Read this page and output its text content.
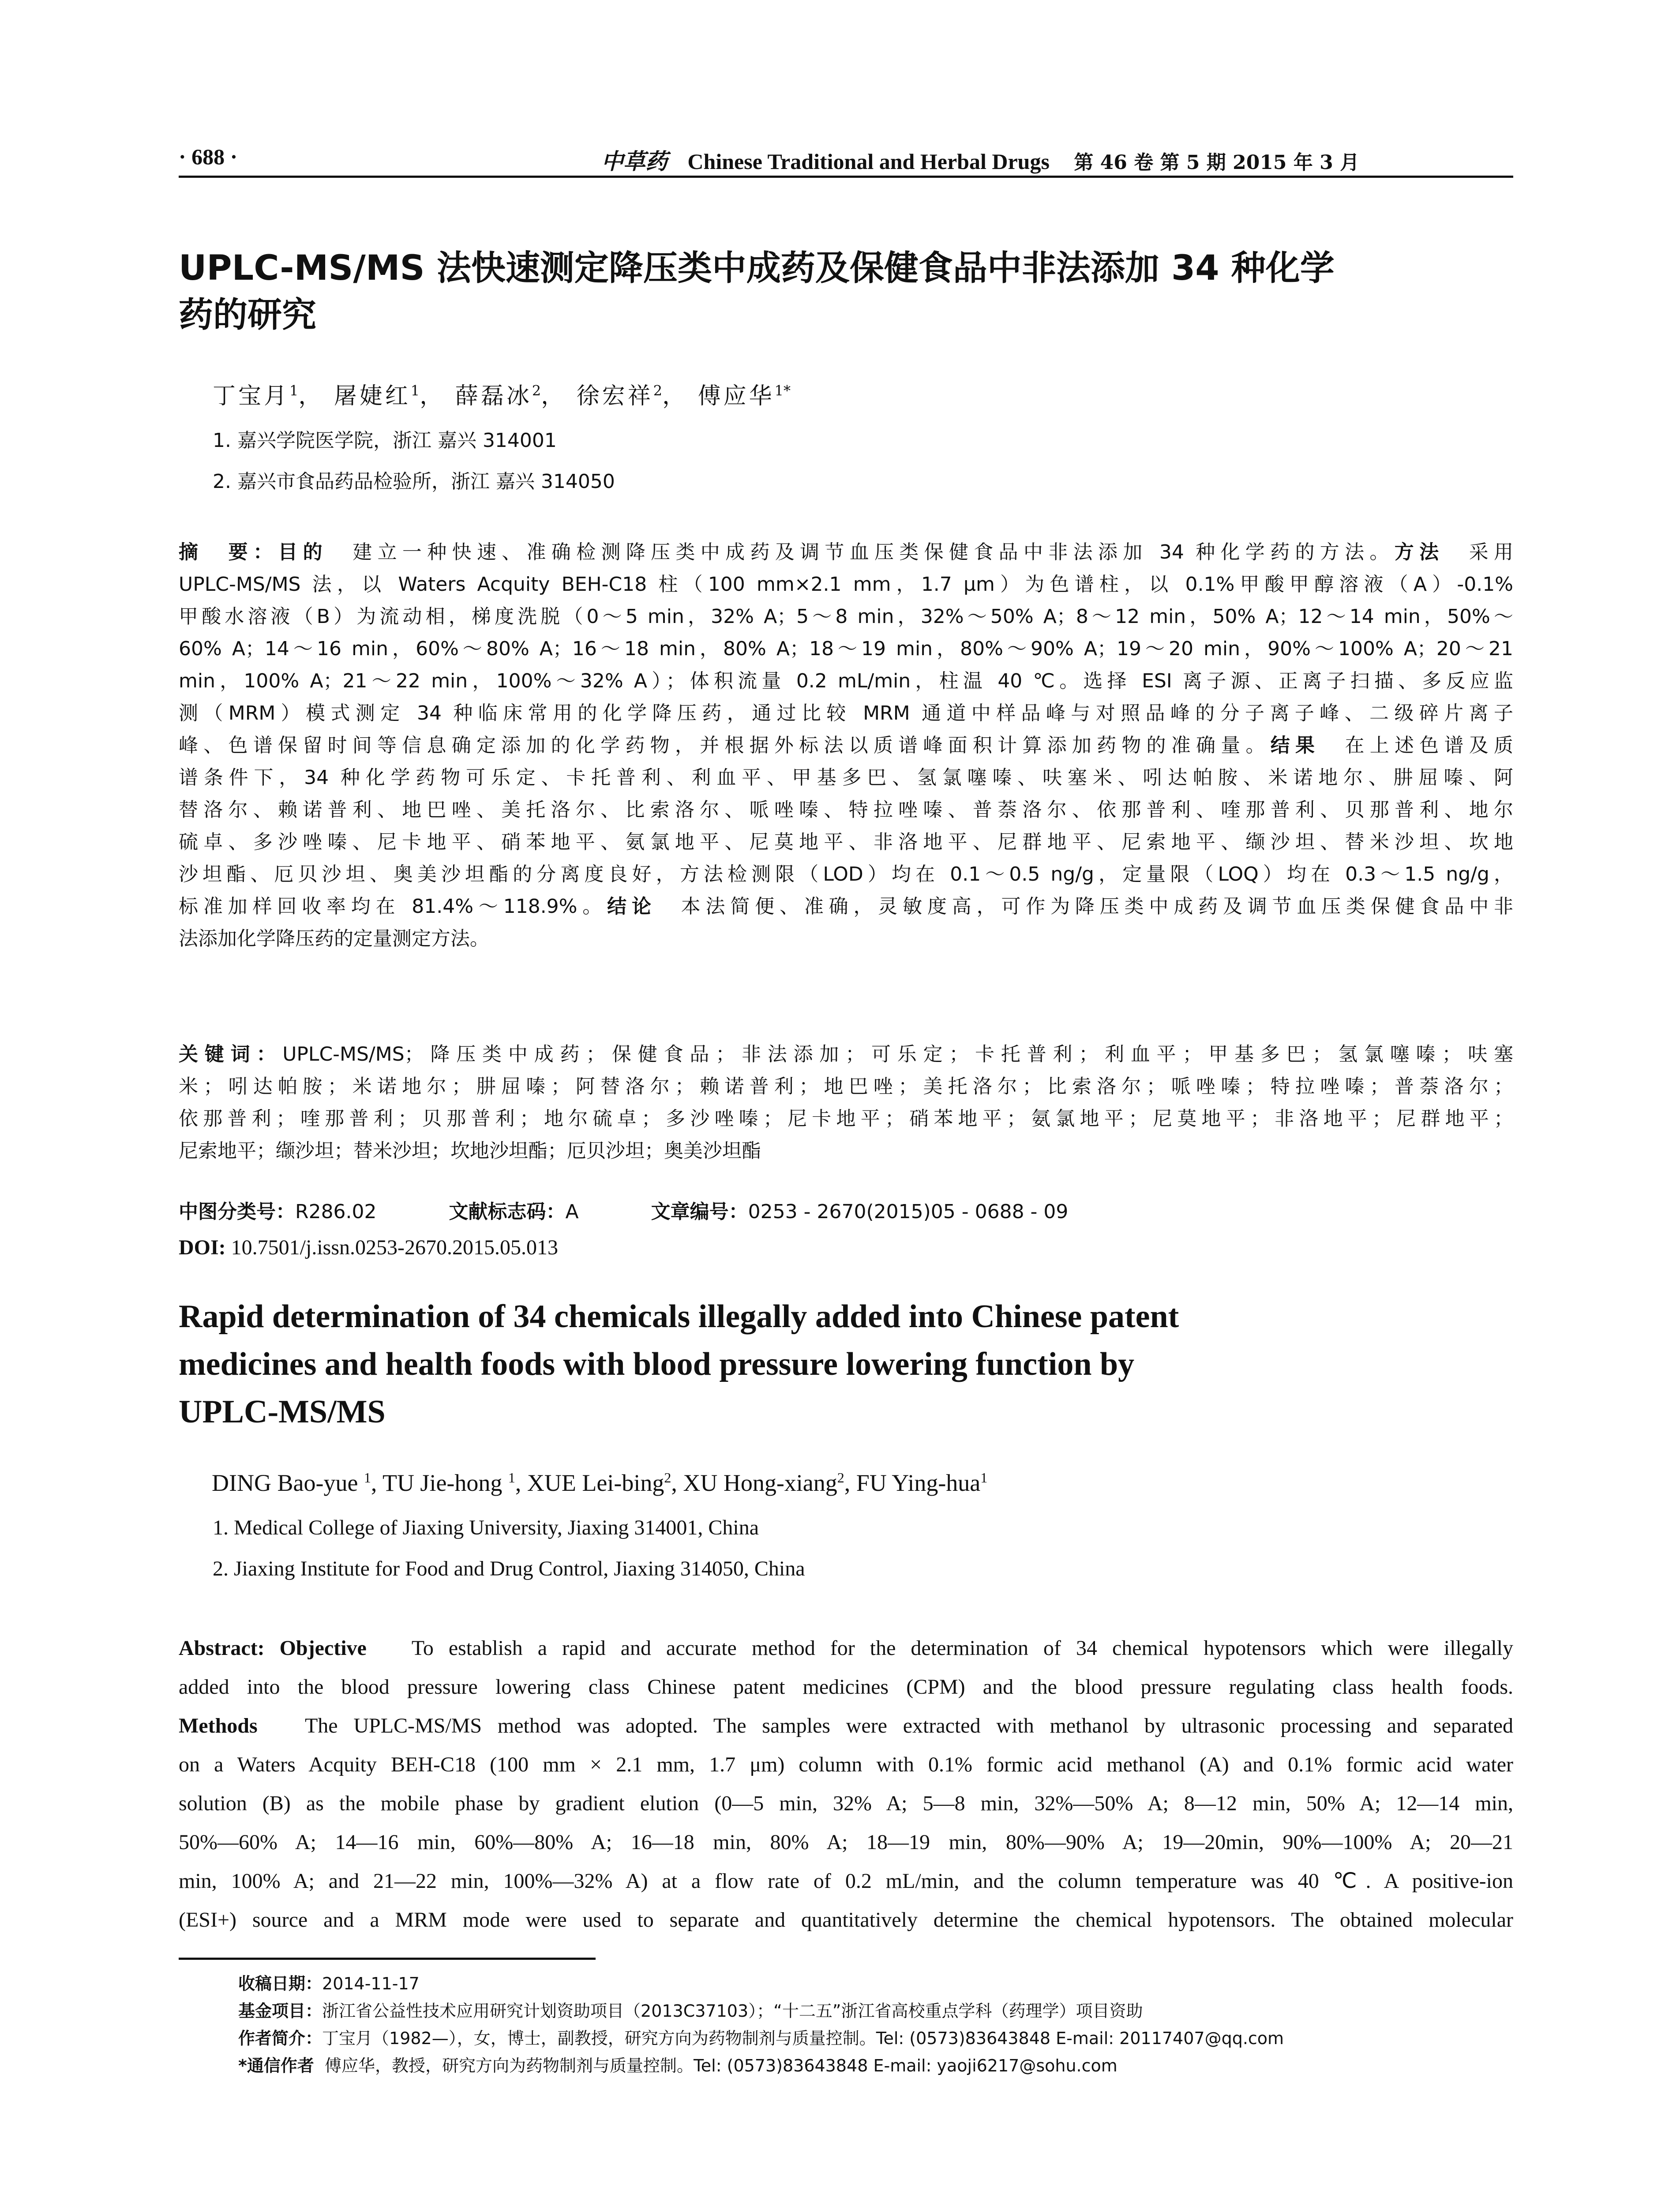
· 688 ·	中草药 Chinese Traditional and Herbal Drugs 第 46 卷 第 5 期 2015 年 3 月
UPLC-MS/MS 法快速测定降压类中成药及保健食品中非法添加 34 种化学
药的研究
丁宝月$^1$， 屠婕红$^1$， 薛磊冰$^2$， 徐宏祥$^2$， 傅应华$^{1*}$
1. 嘉兴学院医学院，浙江 嘉兴 314001
2. 嘉兴市食品药品检验所，浙江 嘉兴 314050
摘　要：目的　 建立一种快速、准确检测降压类中成药及调节血压类保健食品中非法添加 34 种化学药的方法。方法　 采用
UPLC-MS/MS 法，以 Waters Acquity BEH-C18 柱（100 mm×2.1 mm，1.7 μm）为色谱柱，以 0.1%甲酸甲醇溶液（A）-0.1%
甲酸水溶液（B）为流动相，梯度洗脱（0～5 min，32% A；5～8 min，32%～50% A；8～12 min，50% A；12～14 min，50%～
60% A；14～16 min，60%～80% A；16～18 min，80% A；18～19 min，80%～90% A；19～20 min，90%～100% A；20～21
min，100% A；21～22 min，100%～32% A）；体积流量 0.2 mL/min，柱温 40 ℃。选择 ESI 离子源、正离子扫描、多反应监
测（MRM）模式测定 34 种临床常用的化学降压药，通过比较 MRM 通道中样品峰与对照品峰的分子离子峰、二级碎片离子
峰、色谱保留时间等信息确定添加的化学药物，并根据外标法以质谱峰面积计算添加药物的准确量。结果　 在上述色谱及质
谱条件下，34 种化学药物可乐定、卡托普利、利血平、甲基多巴、氢氯噻嗪、呋塞米、吲达帕胺、米诺地尔、肼屈嗪、阿
替洛尔、赖诺普利、地巴唑、美托洛尔、比索洛尔、哌唑嗪、特拉唑嗪、普萘洛尔、依那普利、喹那普利、贝那普利、地尔
硫卓、多沙唑嗪、尼卡地平、硝苯地平、氨氯地平、尼莫地平、非洛地平、尼群地平、尼索地平、缬沙坦、替米沙坦、坎地
沙坦酯、厄贝沙坦、奥美沙坦酯的分离度良好，方法检测限（LOD）均在 0.1～0.5 ng/g，定量限（LOQ）均在 0.3～1.5 ng/g，
标准加样回收率均在 81.4%～118.9%。结论　 本法简便、准确，灵敏度高，可作为降压类中成药及调节血压类保健食品中非
法添加化学降压药的定量测定方法。
关键词：UPLC-MS/MS；降压类中成药；保健食品；非法添加；可乐定；卡托普利；利血平；甲基多巴；氢氯噻嗪；呋塞
米；吲达帕胺；米诺地尔；肼屈嗪；阿替洛尔；赖诺普利；地巴唑；美托洛尔；比索洛尔；哌唑嗪；特拉唑嗪；普萘洛尔；
依那普利；喹那普利；贝那普利；地尔硫卓；多沙唑嗪；尼卡地平；硝苯地平；氨氯地平；尼莫地平；非洛地平；尼群地平；
尼索地平；缬沙坦；替米沙坦；坎地沙坦酯；厄贝沙坦；奥美沙坦酯
中图分类号：R286.02	文献标志码：A	文章编号：0253 - 2670(2015)05 - 0688 - 09
DOI: 10.7501/j.issn.0253-2670.2015.05.013
Rapid determination of 34 chemicals illegally added into Chinese patent
medicines and health foods with blood pressure lowering function by
UPLC-MS/MS
DING Bao-yue $^1$, TU Jie-hong $^1$, XUE Lei-bing$^2$, XU Hong-xiang$^2$, FU Ying-hua$^1$
1. Medical College of Jiaxing University, Jiaxing 314001, China
2. Jiaxing Institute for Food and Drug Control, Jiaxing 314050, China
Abstract: Objective To establish a rapid and accurate method for the determination of 34 chemical hypotensors which were illegally
added into the blood pressure lowering class Chinese patent medicines (CPM) and the blood pressure regulating class health foods.
Methods The UPLC-MS/MS method was adopted. The samples were extracted with methanol by ultrasonic processing and separated
on a Waters Acquity BEH-C18 (100 mm × 2.1 mm, 1.7 μm) column with 0.1% formic acid methanol (A) and 0.1% formic acid water
solution (B) as the mobile phase by gradient elution (0—5 min, 32% A; 5—8 min, 32%—50% A; 8—12 min, 50% A; 12—14 min,
50%—60% A; 14—16 min, 60%—80% A; 16—18 min, 80% A; 18—19 min, 80%—90% A; 19—20min, 90%—100% A; 20—21
min, 100% A; and 21—22 min, 100%—32% A) at a flow rate of 0.2 mL/min, and the column temperature was 40 ℃. A positive-ion
(ESI+) source and a MRM mode were used to separate and quantitatively determine the chemical hypotensors. The obtained molecular
收稿日期：2014-11-17
基金项目：浙江省公益性技术应用研究计划资助项目（2013C37103）；“十二五”浙江省高校重点学科（药理学）项目资助
作者简介：丁宝月（1982—），女，博士，副教授，研究方向为药物制剂与质量控制。Tel: (0573)83643848 E-mail: 20117407@qq.com
*通信作者 傅应华，教授，研究方向为药物制剂与质量控制。Tel: (0573)83643848 E-mail: yaoji6217@sohu.com
